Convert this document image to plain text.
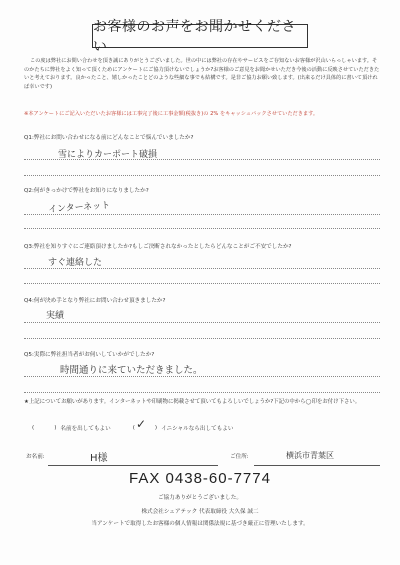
お客様のお声をお聞かせください

この度は弊社にお問い合わせを頂き誠にありがとうございました。世の中には弊社の存在やサービスをご存知ないお客様が沢山いらっしゃいます。そのかたちに弊社をよく知って頂くためにアンケートにご協力頂けないでしょうか?お客様のご意見をお聞かせいただき今後の活動に反映させていただきたいと考えております。良かったこと、嬉しかったことどのような些細な事でも結構です。是非ご協力お願い致します。(出来るだけ具体的に書いて頂ければ幸いです)

※本アンケートにご記入いただいたお客様には工事完了後に工事金額(税抜き)の 2% をキャッシュバックさせていただきます。
Q1:弊社にお問い合わせになる前にどんなことで悩んでいましたか?
雪によりカーポート破損
Q2:何がきっかけで弊社をお知りになりましたか?
インターネット
Q3:弊社を知りすぐにご連絡頂けましたか?もしご決断されなかったとしたらどんなことがご不安でしたか?
すぐ連絡した
Q4:何が決め手となり弊社にお問い合わせ頂きましたか?
実績
Q5:実際に弊社担当者がお伺いしていかがでしたか?
時間通りに来ていただきました。
★上記についてお願いがあります。インターネットや印刷物に掲載させて頂いてもよろしいでしょうか?下記の中から◯印をお付け下さい。
(	) 名前を出してもよい	(	) イニシャルなら出してもよい
✓
お名前:	H様	ご住所:	横浜市青葉区
FAX 0438-60-7774
ご協力ありがとうございました。
株式会社シェアテック 代表取締役 大久保 誠二
当アンケートで取得したお客様の個人情報は関係法規に基づき厳正に管理いたします。
